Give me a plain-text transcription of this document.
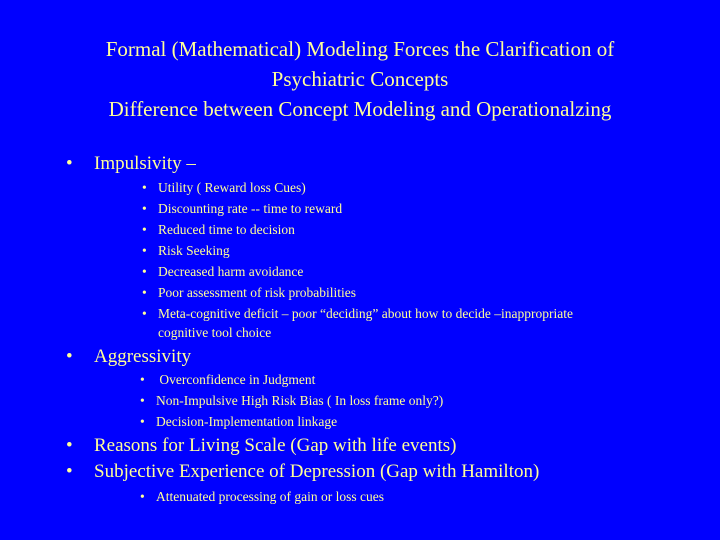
Formal (Mathematical) Modeling Forces the Clarification of
Psychiatric Concepts
Difference between Concept Modeling and Operationalzing
• Impulsivity –
• Utility ( Reward loss Cues)
• Discounting rate -- time to reward
• Reduced time to decision
• Risk Seeking
• Decreased harm avoidance
• Poor assessment of risk probabilities
• Meta-cognitive deficit – poor “deciding” about how to decide –inappropriate
cognitive tool choice
• Aggressivity
• Overconfidence in Judgment
• Non-Impulsive High Risk Bias ( In loss frame only?)
• Decision-Implementation linkage
• Reasons for Living Scale (Gap with life events)
• Subjective Experience of Depression (Gap with Hamilton)
• Attenuated processing of gain or loss cues
